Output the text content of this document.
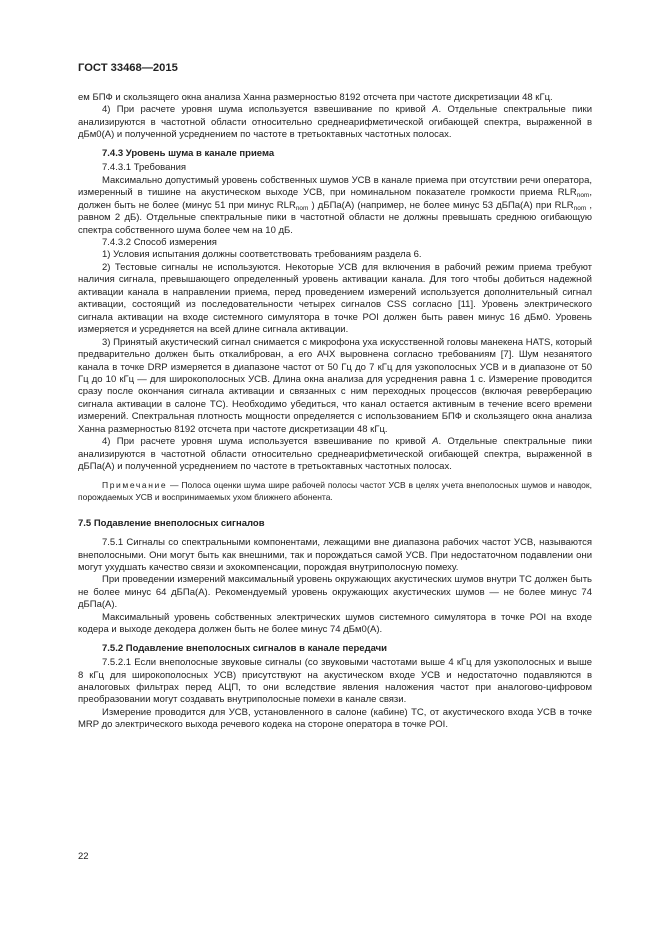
ГОСТ 33468—2015

ем БПФ и скользящего окна анализа Ханна размерностью 8192 отсчета при частоте дискретизации 48 кГц.

4) При расчете уровня шума используется взвешивание по кривой А. Отдельные спектральные пики анализируются в частотной области относительно среднеарифметической огибающей спектра, выраженной в дБм0(А) и полученной усреднением по частоте в третьоктавных частотных полосах.

7.4.3 Уровень шума в канале приема

7.4.3.1 Требования

Максимально допустимый уровень собственных шумов УСВ в канале приема при отсутствии речи оператора, измеренный в тишине на акустическом выходе УСВ, при номинальном показателе громкости приема $RLR_{nom}$, должен быть не более (минус 51 при минус $RLR_{nom}$ ) дБПа(А) (например, не более минус 53 дБПа(А) при $RLR_{nom}$ , равном 2 дБ). Отдельные спектральные пики в частотной области не должны превышать среднюю огибающую спектра собственного шума более чем на 10 дБ.

7.4.3.2 Способ измерения

1) Условия испытания должны соответствовать требованиям раздела 6.

2) Тестовые сигналы не используются. Некоторые УСВ для включения в рабочий режим приема требуют наличия сигнала, превышающего определенный уровень активации канала. Для того чтобы добиться надежной активации канала в направлении приема, перед проведением измерений используется дополнительный сигнал активации, состоящий из последовательности четырех сигналов CSS согласно [11]. Уровень электрического сигнала активации на входе системного симулятора в точке POI должен быть равен минус 16 дБм0. Уровень измеряется и усредняется на всей длине сигнала активации.

3) Принятый акустический сигнал снимается с микрофона уха искусственной головы манекена HATS, который предварительно должен быть откалиброван, а его АЧХ выровнена согласно требованиям [7]. Шум незанятого канала в точке DRP измеряется в диапазоне частот от 50 Гц до 7 кГц для узкополосных УСВ и в диапазоне от 50 Гц до 10 кГц — для широкополосных УСВ. Длина окна анализа для усреднения равна 1 с. Измерение проводится сразу после окончания сигнала активации и связанных с ним переходных процессов (включая реверберацию сигнала активации в салоне ТС). Необходимо убедиться, что канал остается активным в течение всего времени измерений. Спектральная плотность мощности определяется с использованием БПФ и скользящего окна анализа Ханна размерностью 8192 отсчета при частоте дискретизации 48 кГц.

4) При расчете уровня шума используется взвешивание по кривой А. Отдельные спектральные пики анализируются в частотной области относительно среднеарифметической огибающей спектра, выраженной в дБПа(А) и полученной усреднением по частоте в третьоктавных частотных полосах.

Примечание — Полоса оценки шума шире рабочей полосы частот УСВ в целях учета внеполосных шумов и наводок, порождаемых УСВ и воспринимаемых ухом ближнего абонента.

7.5 Подавление внеполосных сигналов

7.5.1 Сигналы со спектральными компонентами, лежащими вне диапазона рабочих частот УСВ, называются внеполосными. Они могут быть как внешними, так и порождаться самой УСВ. При недостаточном подавлении они могут ухудшать качество связи и эхокомпенсации, порождая внутриполосную помеху.

При проведении измерений максимальный уровень окружающих акустических шумов внутри ТС должен быть не более минус 64 дБПа(А). Рекомендуемый уровень окружающих акустических шумов — не более минус 74 дБПа(А).

Максимальный уровень собственных электрических шумов системного симулятора в точке POI на входе кодера и выходе декодера должен быть не более минус 74 дБм0(А).

7.5.2 Подавление внеполосных сигналов в канале передачи

7.5.2.1 Если внеполосные звуковые сигналы (со звуковыми частотами выше 4 кГц для узкополосных и выше 8 кГц для широкополосных УСВ) присутствуют на акустическом входе УСВ и недостаточно подавляются в аналоговых фильтрах перед АЦП, то они вследствие явления наложения частот при аналогово-цифровом преобразовании могут создавать внутриполосные помехи в канале связи.

Измерение проводится для УСВ, установленного в салоне (кабине) ТС, от акустического входа УСВ в точке MRP до электрического выхода речевого кодека на стороне оператора в точке POI.

22
